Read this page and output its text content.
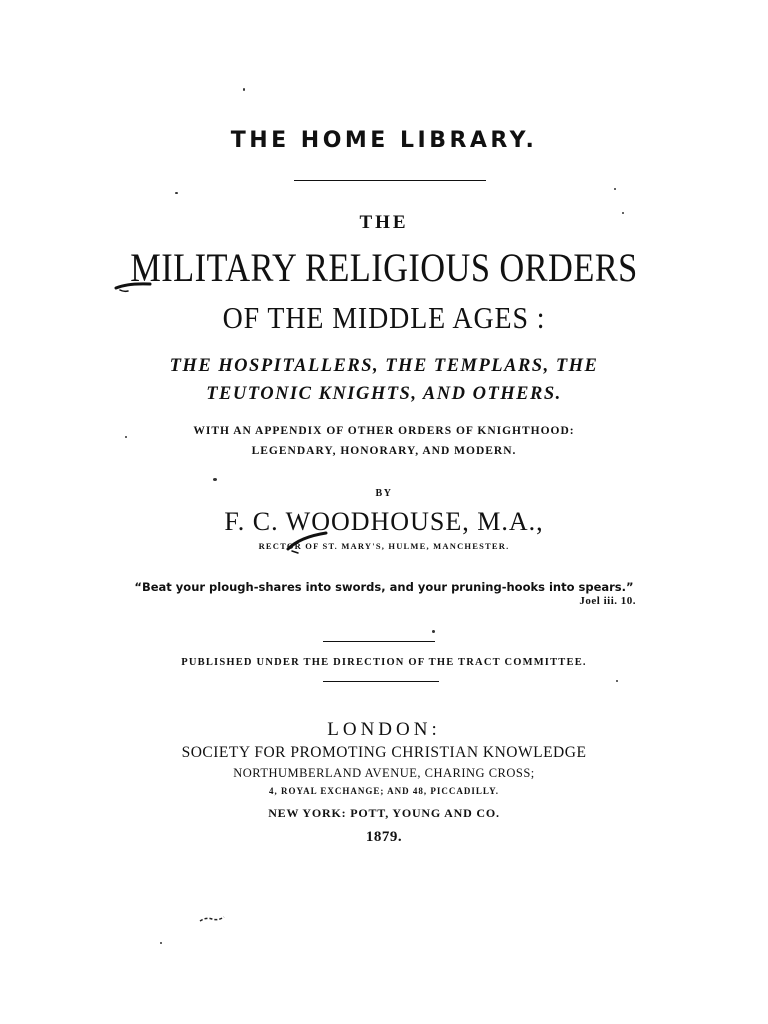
THE HOME LIBRARY.
THE
MILITARY RELIGIOUS ORDERS
OF THE MIDDLE AGES :
THE HOSPITALLERS, THE TEMPLARS, THE
TEUTONIC KNIGHTS, AND OTHERS.
WITH AN APPENDIX OF OTHER ORDERS OF KNIGHTHOOD:
LEGENDARY, HONORARY, AND MODERN.
BY
F. C. WOODHOUSE, M.A.,
RECTOR OF ST. MARY'S, HULME, MANCHESTER.
“Beat your plough-shares into swords, and your pruning-hooks into spears.”
Joel iii. 10.
PUBLISHED UNDER THE DIRECTION OF THE TRACT COMMITTEE.
LONDON:
SOCIETY FOR PROMOTING CHRISTIAN KNOWLEDGE
NORTHUMBERLAND AVENUE, CHARING CROSS;
4, ROYAL EXCHANGE; AND 48, PICCADILLY.
NEW YORK: POTT, YOUNG AND CO.
1879.
